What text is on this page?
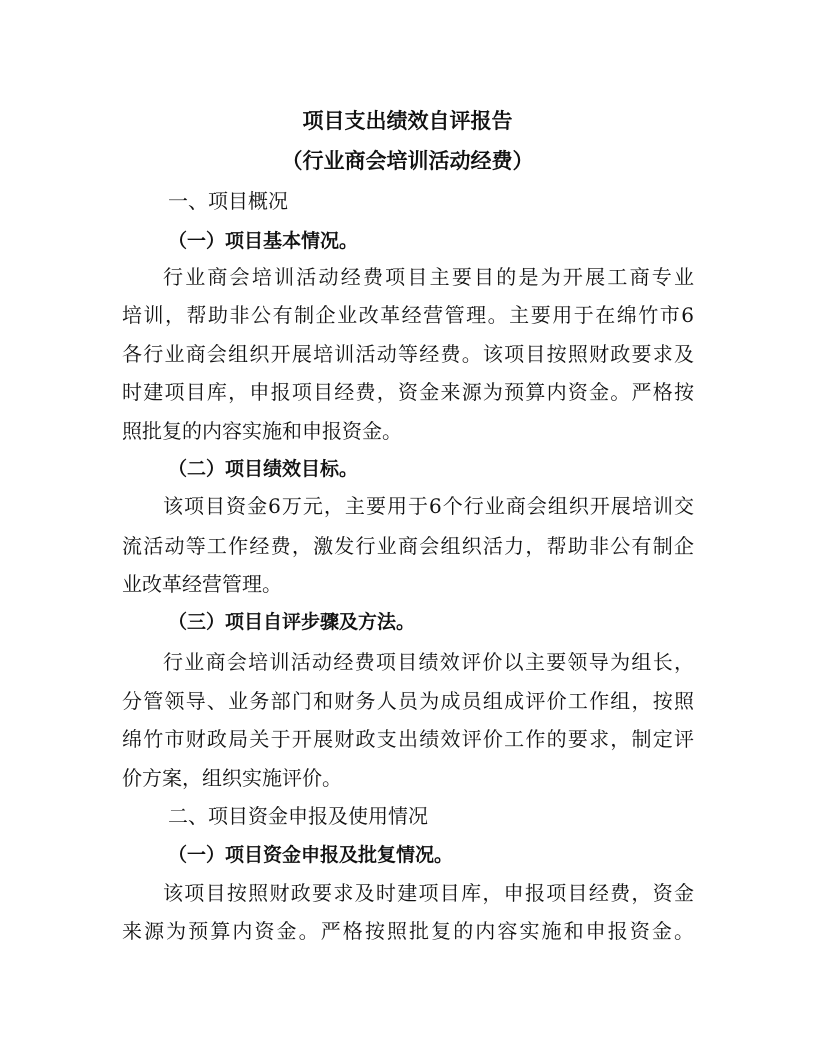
项目支出绩效自评报告
（行业商会培训活动经费）
一、项目概况
（一）项目基本情况。
行业商会培训活动经费项目主要目的是为开展工商专业
培训，帮助非公有制企业改革经营管理。主要用于在绵竹市6
各行业商会组织开展培训活动等经费。该项目按照财政要求及
时建项目库，申报项目经费，资金来源为预算内资金。严格按
照批复的内容实施和申报资金。
（二）项目绩效目标。
该项目资金6万元，主要用于6个行业商会组织开展培训交
流活动等工作经费，激发行业商会组织活力，帮助非公有制企
业改革经营管理。
（三）项目自评步骤及方法。
行业商会培训活动经费项目绩效评价以主要领导为组长，
分管领导、业务部门和财务人员为成员组成评价工作组，按照
绵竹市财政局关于开展财政支出绩效评价工作的要求，制定评
价方案，组织实施评价。
二、项目资金申报及使用情况
（一）项目资金申报及批复情况。
该项目按照财政要求及时建项目库，申报项目经费，资金
来源为预算内资金。严格按照批复的内容实施和申报资金。
